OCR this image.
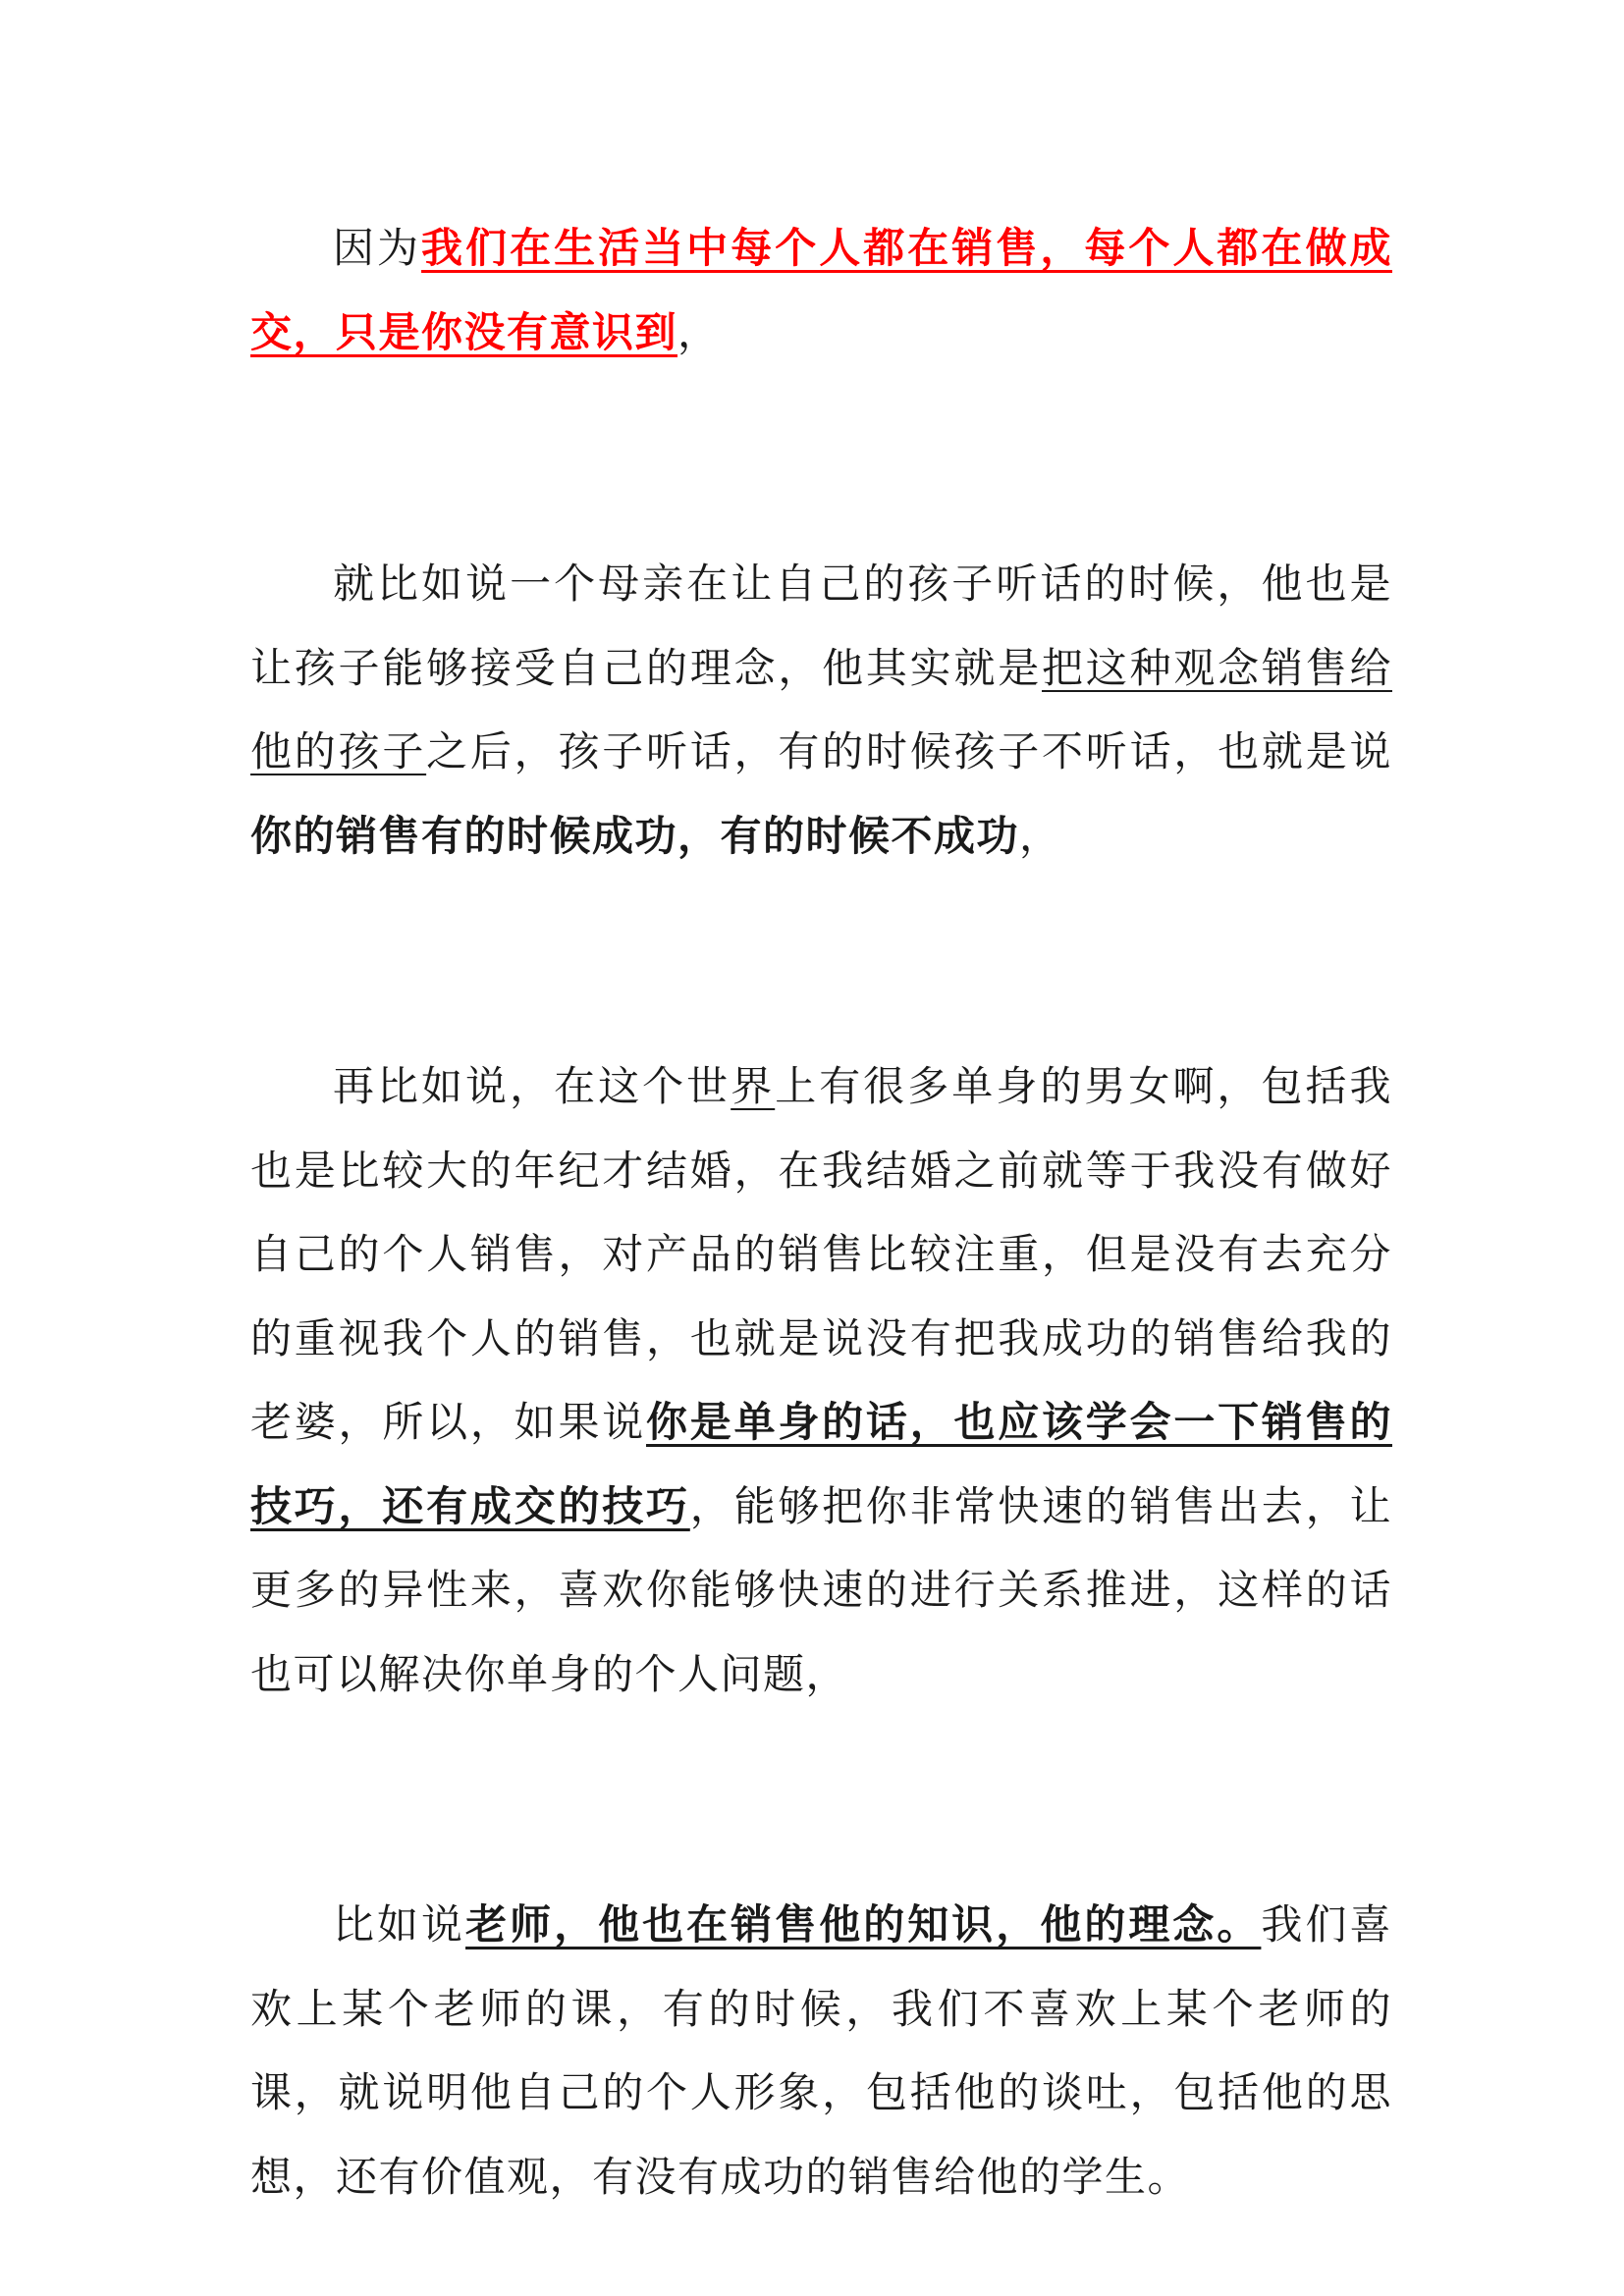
因为我们在生活当中每个人都在销售，每个人都在做成交，只是你没有意识到，

就比如说一个母亲在让自己的孩子听话的时候，他也是让孩子能够接受自己的理念，他其实就是把这种观念销售给他的孩子之后，孩子听话，有的时候孩子不听话，也就是说你的销售有的时候成功，有的时候不成功，

再比如说，在这个世界上有很多单身的男女啊，包括我也是比较大的年纪才结婚，在我结婚之前就等于我没有做好自己的个人销售，对产品的销售比较注重，但是没有去充分的重视我个人的销售，也就是说没有把我成功的销售给我的老婆，所以，如果说你是单身的话，也应该学会一下销售的技巧，还有成交的技巧，能够把你非常快速的销售出去，让更多的异性来，喜欢你能够快速的进行关系推进，这样的话也可以解决你单身的个人问题，

比如说老师，他也在销售他的知识，他的理念。我们喜欢上某个老师的课，有的时候，我们不喜欢上某个老师的课，就说明他自己的个人形象，包括他的谈吐，包括他的思想，还有价值观，有没有成功的销售给他的学生。
